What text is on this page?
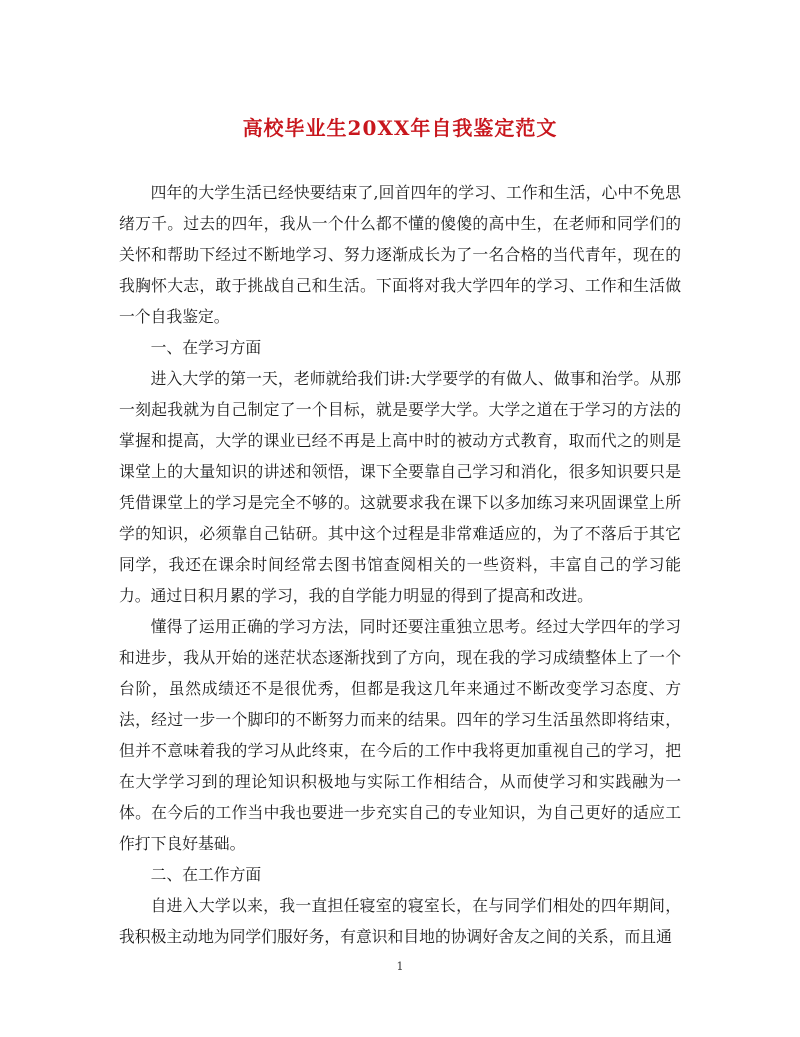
高校毕业生20XX年自我鉴定范文

四年的大学生活已经快要结束了,回首四年的学习、工作和生活，心中不免思绪万千。过去的四年，我从一个什么都不懂的傻傻的高中生，在老师和同学们的关怀和帮助下经过不断地学习、努力逐渐成长为了一名合格的当代青年，现在的我胸怀大志，敢于挑战自己和生活。下面将对我大学四年的学习、工作和生活做一个自我鉴定。

一、在学习方面

进入大学的第一天，老师就给我们讲:大学要学的有做人、做事和治学。从那一刻起我就为自己制定了一个目标，就是要学大学。大学之道在于学习的方法的掌握和提高，大学的课业已经不再是上高中时的被动方式教育，取而代之的则是课堂上的大量知识的讲述和领悟，课下全要靠自己学习和消化，很多知识要只是凭借课堂上的学习是完全不够的。这就要求我在课下以多加练习来巩固课堂上所学的知识，必须靠自己钻研。其中这个过程是非常难适应的，为了不落后于其它同学，我还在课余时间经常去图书馆查阅相关的一些资料，丰富自己的学习能力。通过日积月累的学习，我的自学能力明显的得到了提高和改进。

懂得了运用正确的学习方法，同时还要注重独立思考。经过大学四年的学习和进步，我从开始的迷茫状态逐渐找到了方向，现在我的学习成绩整体上了一个台阶，虽然成绩还不是很优秀，但都是我这几年来通过不断改变学习态度、方法，经过一步一个脚印的不断努力而来的结果。四年的学习生活虽然即将结束，但并不意味着我的学习从此终束，在今后的工作中我将更加重视自己的学习，把在大学学习到的理论知识积极地与实际工作相结合，从而使学习和实践融为一体。在今后的工作当中我也要进一步充实自己的专业知识，为自己更好的适应工作打下良好基础。

二、在工作方面

自进入大学以来，我一直担任寝室的寝室长，在与同学们相处的四年期间，我积极主动地为同学们服好务，有意识和目地的协调好舍友之间的关系，而且通

1
